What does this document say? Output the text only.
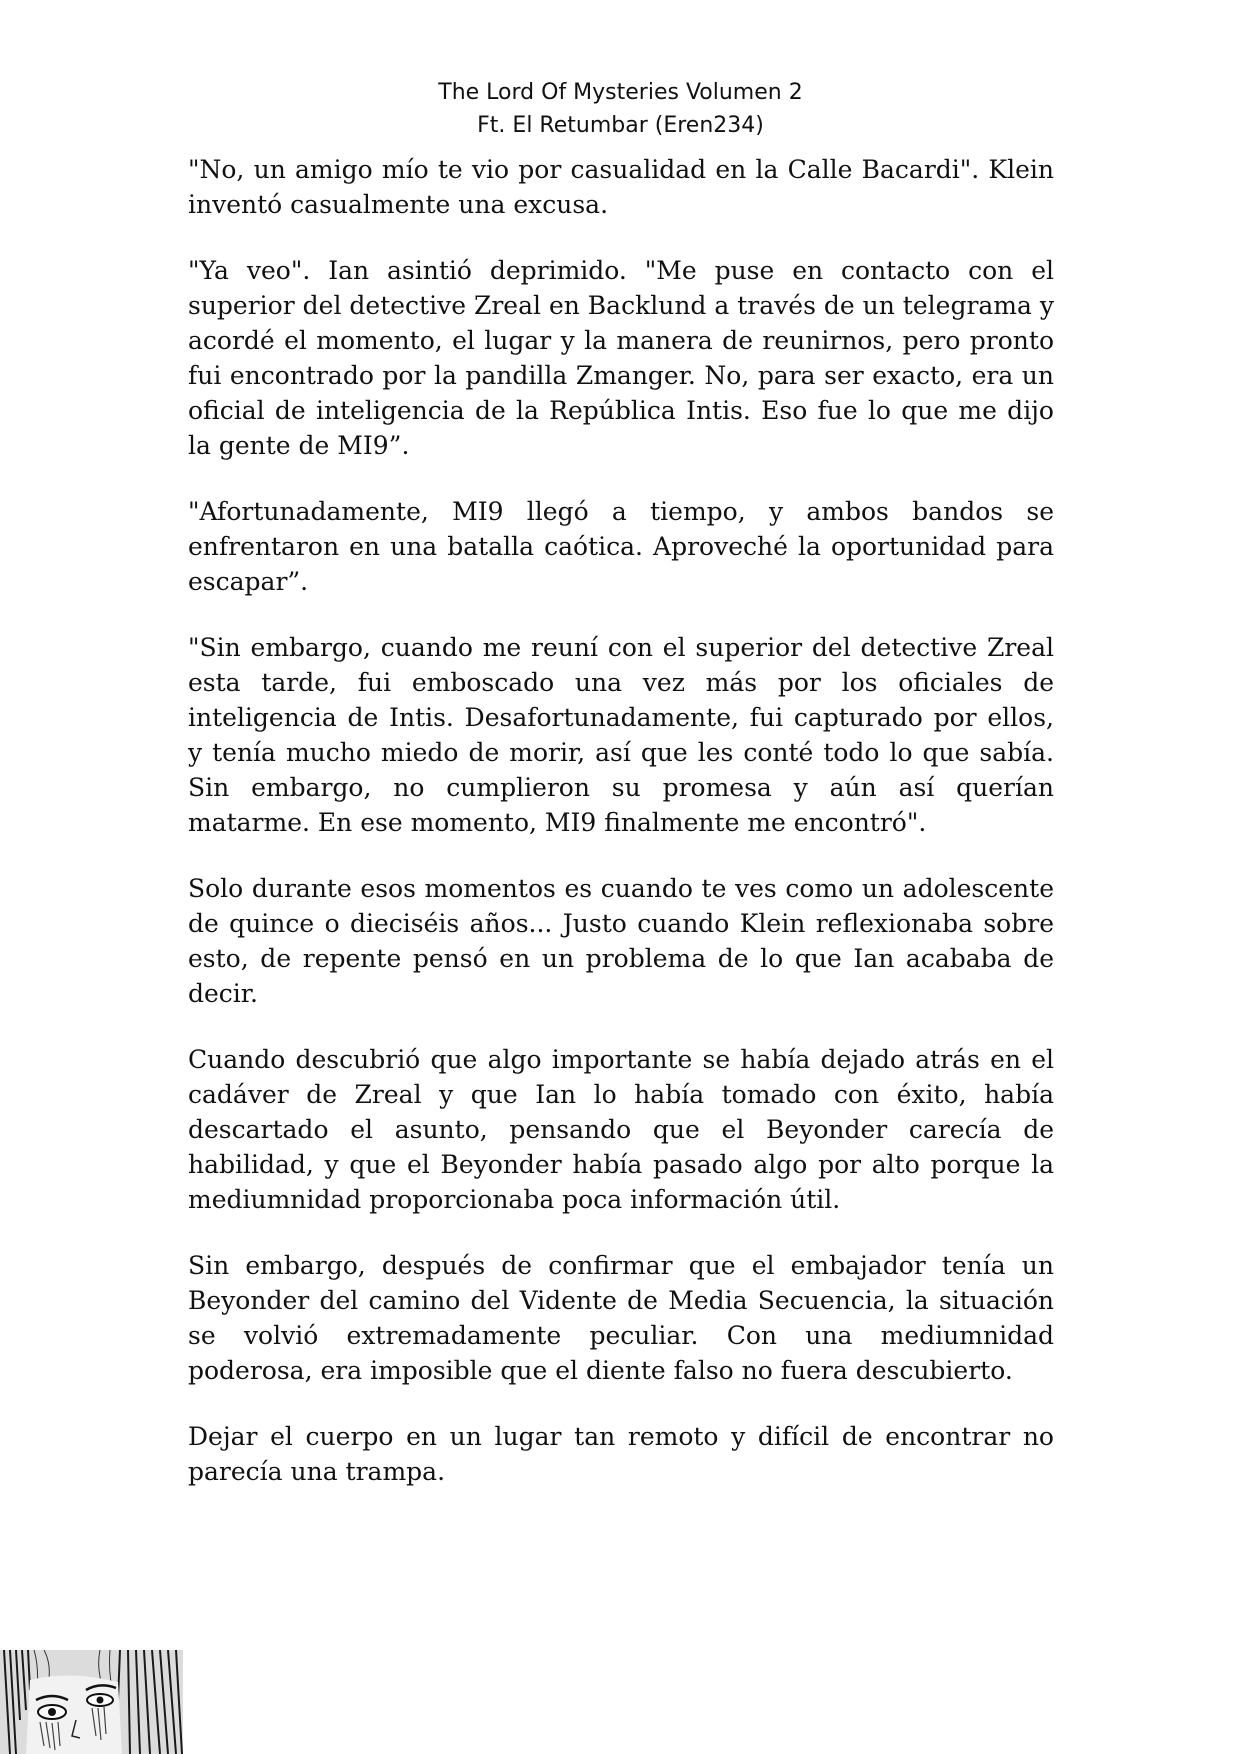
The Lord Of Mysteries Volumen 2
Ft. El Retumbar (Eren234)

"No, un amigo mío te vio por casualidad en la Calle Bacardi". Klein inventó casualmente una excusa.

"Ya veo". Ian asintió deprimido. "Me puse en contacto con el superior del detective Zreal en Backlund a través de un telegrama y acordé el momento, el lugar y la manera de reunirnos, pero pronto fui encontrado por la pandilla Zmanger. No, para ser exacto, era un oficial de inteligencia de la República Intis. Eso fue lo que me dijo la gente de MI9”.

"Afortunadamente, MI9 llegó a tiempo, y ambos bandos se enfrentaron en una batalla caótica. Aproveché la oportunidad para escapar”.

"Sin embargo, cuando me reuní con el superior del detective Zreal esta tarde, fui emboscado una vez más por los oficiales de inteligencia de Intis. Desafortunadamente, fui capturado por ellos, y tenía mucho miedo de morir, así que les conté todo lo que sabía. Sin embargo, no cumplieron su promesa y aún así querían matarme. En ese momento, MI9 finalmente me encontró".

Solo durante esos momentos es cuando te ves como un adolescente de quince o dieciséis años... Justo cuando Klein reflexionaba sobre esto, de repente pensó en un problema de lo que Ian acababa de decir.

Cuando descubrió que algo importante se había dejado atrás en el cadáver de Zreal y que Ian lo había tomado con éxito, había descartado el asunto, pensando que el Beyonder carecía de habilidad, y que el Beyonder había pasado algo por alto porque la mediumnidad proporcionaba poca información útil.

Sin embargo, después de confirmar que el embajador tenía un Beyonder del camino del Vidente de Media Secuencia, la situación se volvió extremadamente peculiar. Con una mediumnidad poderosa, era imposible que el diente falso no fuera descubierto.

Dejar el cuerpo en un lugar tan remoto y difícil de encontrar no parecía una trampa.
